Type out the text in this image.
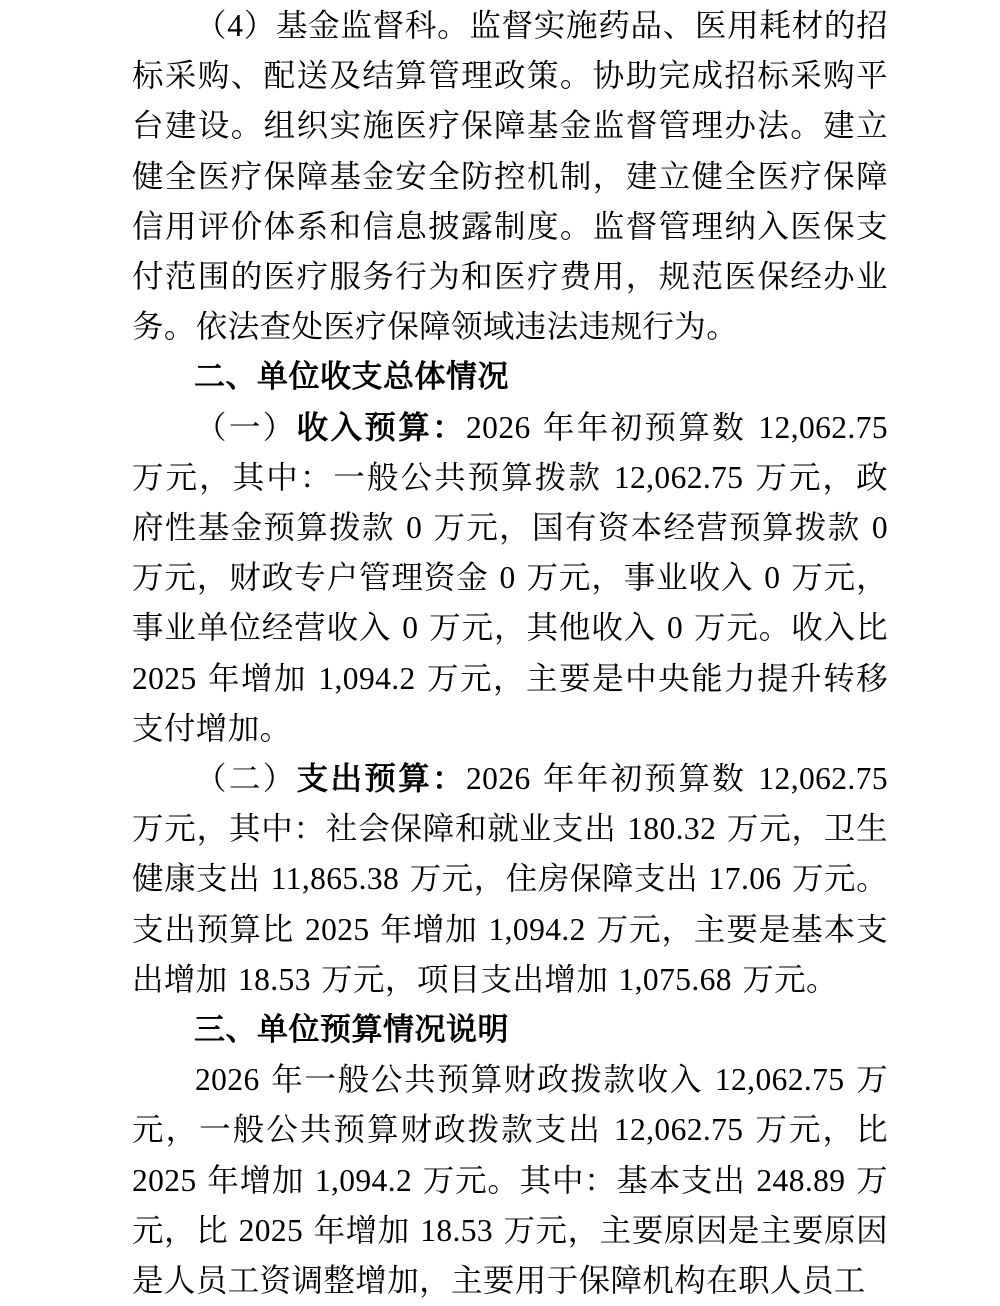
（4）基金监督科。监督实施药品、医用耗材的招标采购、配送及结算管理政策。协助完成招标采购平台建设。组织实施医疗保障基金监督管理办法。建立健全医疗保障基金安全防控机制，建立健全医疗保障信用评价体系和信息披露制度。监督管理纳入医保支付范围的医疗服务行为和医疗费用，规范医保经办业务。依法查处医疗保障领域违法违规行为。

二、单位收支总体情况

（一）收入预算：2026 年年初预算数 12,062.75 万元，其中：一般公共预算拨款 12,062.75 万元，政府性基金预算拨款 0 万元，国有资本经营预算拨款 0 万元，财政专户管理资金 0 万元，事业收入 0 万元，事业单位经营收入 0 万元，其他收入 0 万元。收入比 2025 年增加 1,094.2 万元，主要是中央能力提升转移支付增加。

（二）支出预算：2026 年年初预算数 12,062.75 万元，其中：社会保障和就业支出 180.32 万元，卫生健康支出 11,865.38 万元，住房保障支出 17.06 万元。支出预算比 2025 年增加 1,094.2 万元，主要是基本支出增加 18.53 万元，项目支出增加 1,075.68 万元。

三、单位预算情况说明

2026 年一般公共预算财政拨款收入 12,062.75 万元，一般公共预算财政拨款支出 12,062.75 万元，比 2025 年增加 1,094.2 万元。其中：基本支出 248.89 万元，比 2025 年增加 18.53 万元，主要原因是主要原因是人员工资调整增加，主要用于保障机构在职人员工
